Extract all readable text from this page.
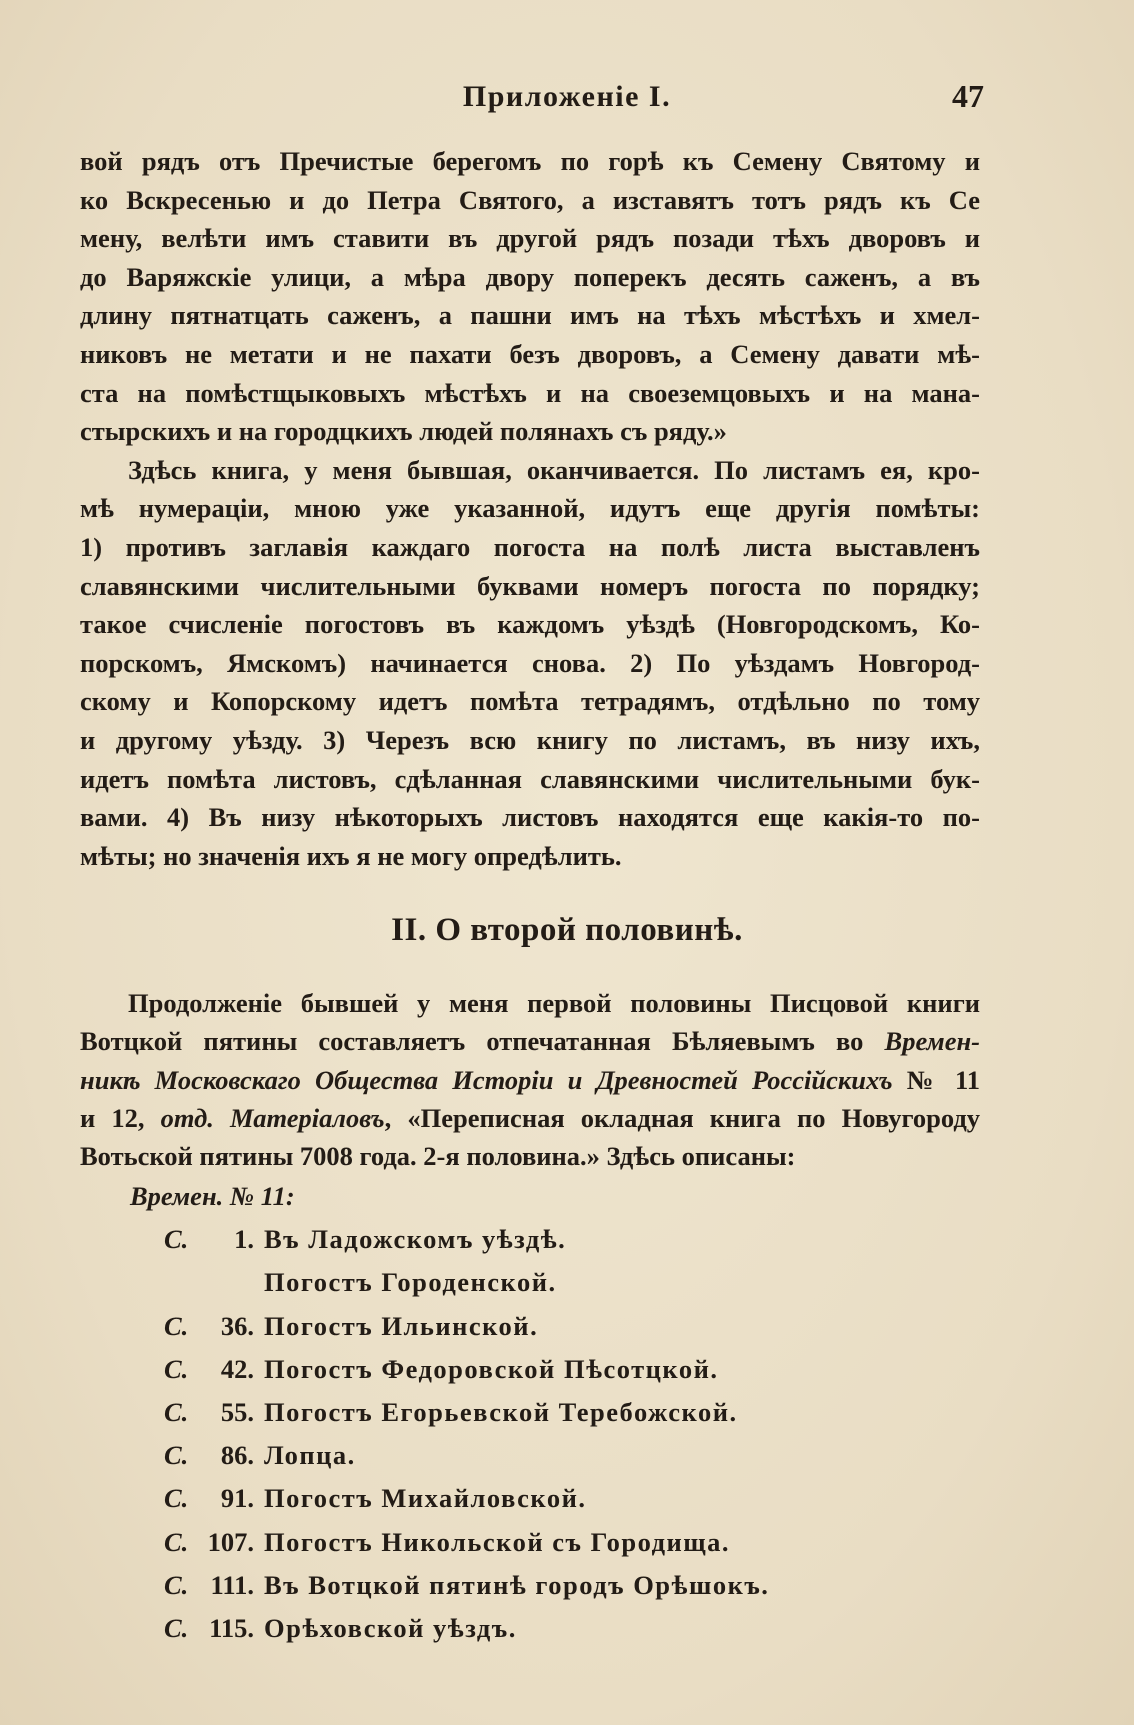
Приложеніе I.	47
вой рядъ отъ Пречистые берегомъ по горѣ къ Семену Святому и
ко Вскресенью и до Петра Святого, а изставятъ тотъ рядъ къ Се
мену, велѣти имъ ставити въ другой рядъ позади тѣхъ дворовъ и
до Варяжскіе улици, а мѣра двору поперекъ десять саженъ, а въ
длину пятнатцать саженъ, а пашни имъ на тѣхъ мѣстѣхъ и хмел-
никовъ не метати и не пахати безъ дворовъ, а Семену давати мѣ-
ста на помѣстщыковыхъ мѣстѣхъ и на своеземцовыхъ и на мана-
стырскихъ и на городцкихъ людей полянахъ съ ряду.»
Здѣсь книга, у меня бывшая, оканчивается. По листамъ ея, кро-
мѣ нумераціи, мною уже указанной, идутъ еще другія помѣты:
1) противъ заглавія каждаго погоста на полѣ листа выставленъ
славянскими числительными буквами номеръ погоста по порядку;
такое счисленіе погостовъ въ каждомъ уѣздѣ (Новгородскомъ, Ко-
порскомъ, Ямскомъ) начинается снова. 2) По уѣздамъ Новгород-
скому и Копорскому идетъ помѣта тетрадямъ, отдѣльно по тому
и другому уѣзду. 3) Черезъ всю книгу по листамъ, въ низу ихъ,
идетъ помѣта листовъ, сдѣланная славянскими числительными бук-
вами. 4) Въ низу нѣкоторыхъ листовъ находятся еще какія-то по-
мѣты; но значенія ихъ я не могу опредѣлить.
II. О второй половинѣ.
Продолженіе бывшей у меня первой половины Писцовой книги
Вотцкой пятины составляетъ отпечатанная Бѣляевымъ во Времен-
никѣ Московскаго Общества Исторіи и Древностей Россійскихъ № 11
и 12, отд. Матеріаловъ, «Переписная окладная книга по Новугороду
Вотьской пятины 7008 года. 2-я половина.» Здѣсь описаны:
Времен. № 11:
С. 1. Въ Ладожскомъ уѣздѣ.
Погостъ Городенской.
С. 36. Погостъ Ильинской.
С. 42. Погостъ Федоровской Пѣсотцкой.
С. 55. Погостъ Егорьевской Теребожской.
С. 86. Лопца.
С. 91. Погостъ Михайловской.
С. 107. Погостъ Никольской съ Городища.
С. 111. Въ Вотцкой пятинѣ городъ Орѣшокъ.
С. 115. Орѣховской уѣздъ.
